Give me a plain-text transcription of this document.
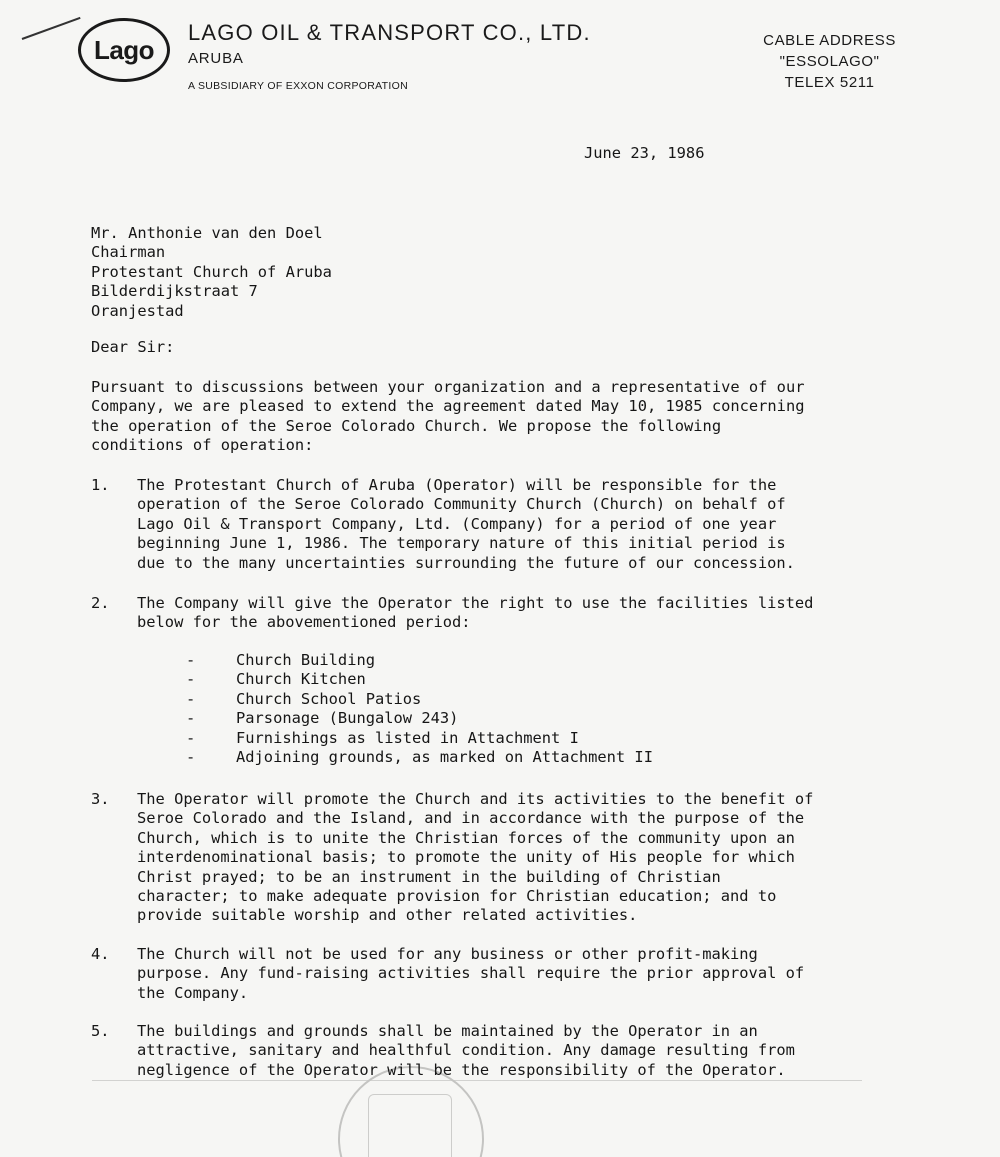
Lago
LAGO OIL & TRANSPORT CO., LTD.
ARUBA
A SUBSIDIARY OF EXXON CORPORATION
CABLE ADDRESS
"ESSOLAGO"
TELEX 5211
June 23, 1986
Mr. Anthonie van den Doel
Chairman
Protestant Church of Aruba
Bilderdijkstraat 7
Oranjestad
Dear Sir:
Pursuant to discussions between your organization and a representative of our
Company, we are pleased to extend the agreement dated May 10, 1985 concerning
the operation of the Seroe Colorado Church. We propose the following
conditions of operation:
1. The Protestant Church of Aruba (Operator) will be responsible for the
operation of the Seroe Colorado Community Church (Church) on behalf of
Lago Oil & Transport Company, Ltd. (Company) for a period of one year
beginning June 1, 1986. The temporary nature of this initial period is
due to the many uncertainties surrounding the future of our concession.
2. The Company will give the Operator the right to use the facilities listed
below for the abovementioned period:
-	Church Building
-	Church Kitchen
-	Church School Patios
-	Parsonage (Bungalow 243)
-	Furnishings as listed in Attachment I
-	Adjoining grounds, as marked on Attachment II
3. The Operator will promote the Church and its activities to the benefit of
Seroe Colorado and the Island, and in accordance with the purpose of the
Church, which is to unite the Christian forces of the community upon an
interdenominational basis; to promote the unity of His people for which
Christ prayed; to be an instrument in the building of Christian
character; to make adequate provision for Christian education; and to
provide suitable worship and other related activities.
4. The Church will not be used for any business or other profit-making
purpose. Any fund-raising activities shall require the prior approval of
the Company.
5. The buildings and grounds shall be maintained by the Operator in an
attractive, sanitary and healthful condition. Any damage resulting from
negligence of the Operator will be the responsibility of the Operator.
